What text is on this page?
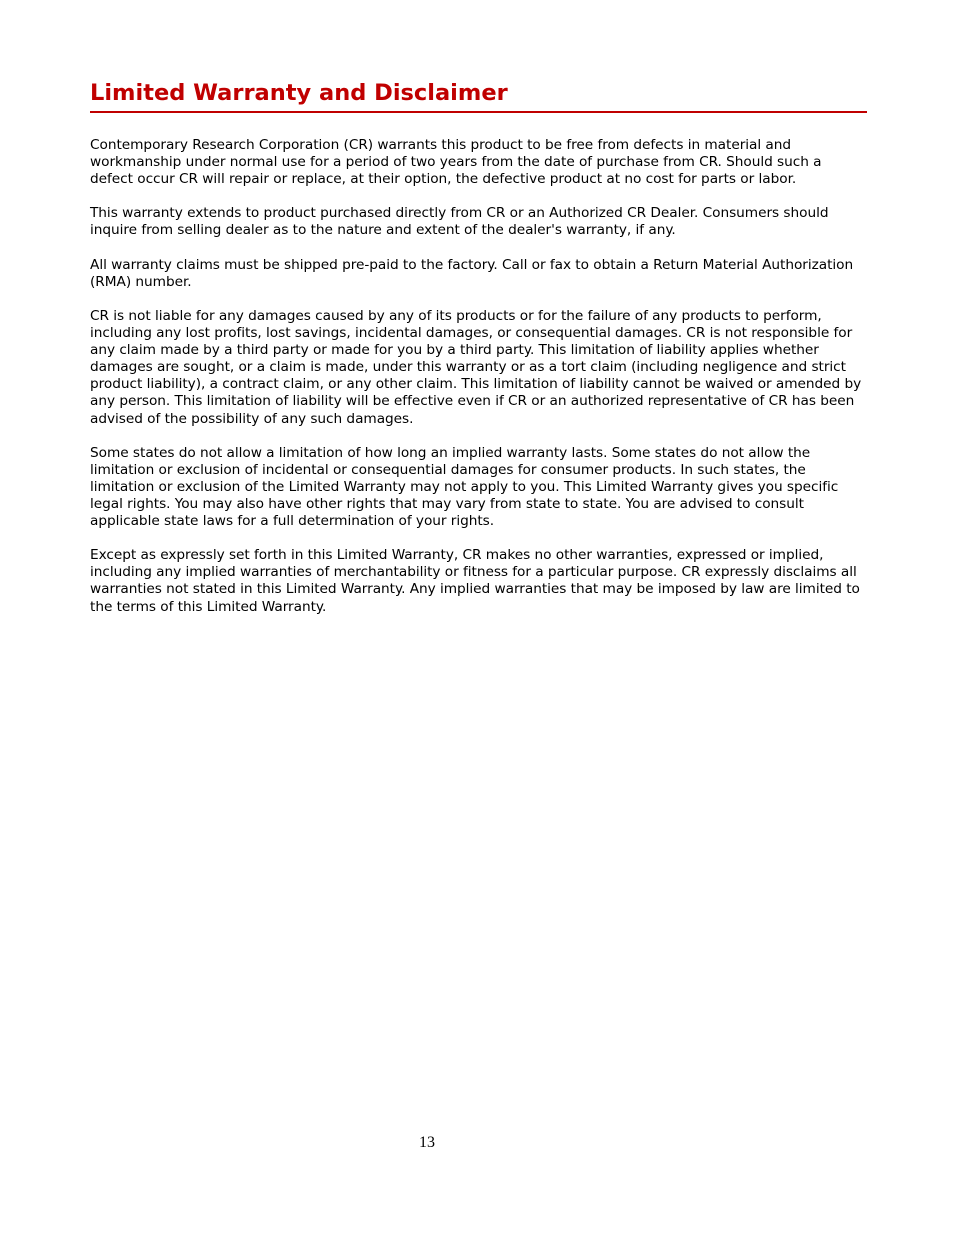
Limited Warranty and Disclaimer

Contemporary Research Corporation (CR) warrants this product to be free from defects in material and workmanship under normal use for a period of two years from the date of purchase from CR. Should such a defect occur CR will repair or replace, at their option, the defective product at no cost for parts or labor.

This warranty extends to product purchased directly from CR or an Authorized CR Dealer. Consumers should inquire from selling dealer as to the nature and extent of the dealer's warranty, if any.

All warranty claims must be shipped pre-paid to the factory. Call or fax to obtain a Return Material Authorization (RMA) number.

CR is not liable for any damages caused by any of its products or for the failure of any products to perform, including any lost profits, lost savings, incidental damages, or consequential damages. CR is not responsible for any claim made by a third party or made for you by a third party. This limitation of liability applies whether damages are sought, or a claim is made, under this warranty or as a tort claim (including negligence and strict product liability), a contract claim, or any other claim. This limitation of liability cannot be waived or amended by any person. This limitation of liability will be effective even if CR or an authorized representative of CR has been advised of the possibility of any such damages.

Some states do not allow a limitation of how long an implied warranty lasts. Some states do not allow the limitation or exclusion of incidental or consequential damages for consumer products. In such states, the limitation or exclusion of the Limited Warranty may not apply to you. This Limited Warranty gives you specific legal rights. You may also have other rights that may vary from state to state. You are advised to consult applicable state laws for a full determination of your rights.

Except as expressly set forth in this Limited Warranty, CR makes no other warranties, expressed or implied, including any implied warranties of merchantability or fitness for a particular purpose. CR expressly disclaims all warranties not stated in this Limited Warranty. Any implied warranties that may be imposed by law are limited to the terms of this Limited Warranty.

13
